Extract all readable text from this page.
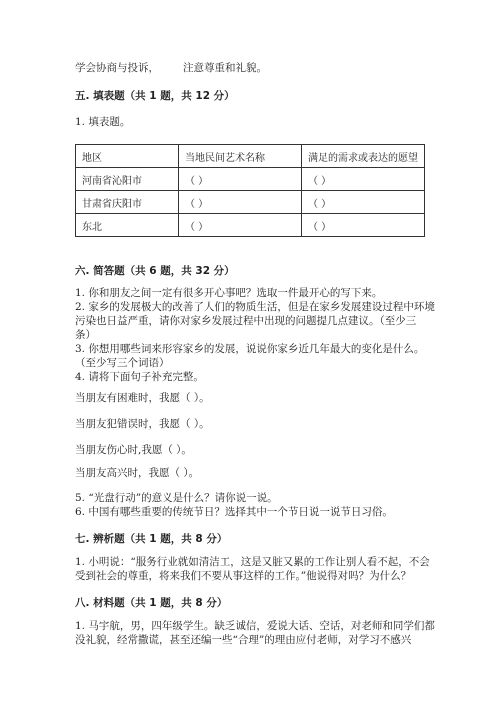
学会协商与投诉， 注意尊重和礼貌。
五. 填表题（共 1 题，共 12 分）
1. 填表题。
地区	当地民间艺术名称	满足的需求或表达的愿望
河南省沁阳市	（ ）	（ ）
甘肃省庆阳市	（ ）	（ ）
东北	（ ）	（ ）
六. 简答题（共 6 题，共 32 分）
1. 你和朋友之间一定有很多开心事吧？选取一件最开心的写下来。
2. 家乡的发展极大的改善了人们的物质生活，但是在家乡发展建设过程中环境
污染也日益严重，请你对家乡发展过程中出现的问题提几点建议。（至少三
条）
3. 你想用哪些词来形容家乡的发展，说说你家乡近几年最大的变化是什么。
（至少写三个词语）
4. 请将下面句子补充完整。
当朋友有困难时，我愿（ ）。
当朋友犯错误时，我愿（ ）。
当朋友伤心时,我愿（ ）。
当朋友高兴时，我愿（ ）。
5. “光盘行动”的意义是什么？请你说一说。
6. 中国有哪些重要的传统节日？选择其中一个节日说一说节日习俗。
七. 辨析题（共 1 题，共 8 分）
1. 小明说：“服务行业就如清洁工，这是又脏又累的工作让别人看不起，不会
受到社会的尊重，将来我们不要从事这样的工作。”他说得对吗？为什么？
八. 材料题（共 1 题，共 8 分）
1. 马宇航，男，四年级学生。缺乏诚信，爱说大话、空话，对老师和同学们都
没礼貌，经常撒谎，甚至还编一些“合理”的理由应付老师，对学习不感兴
